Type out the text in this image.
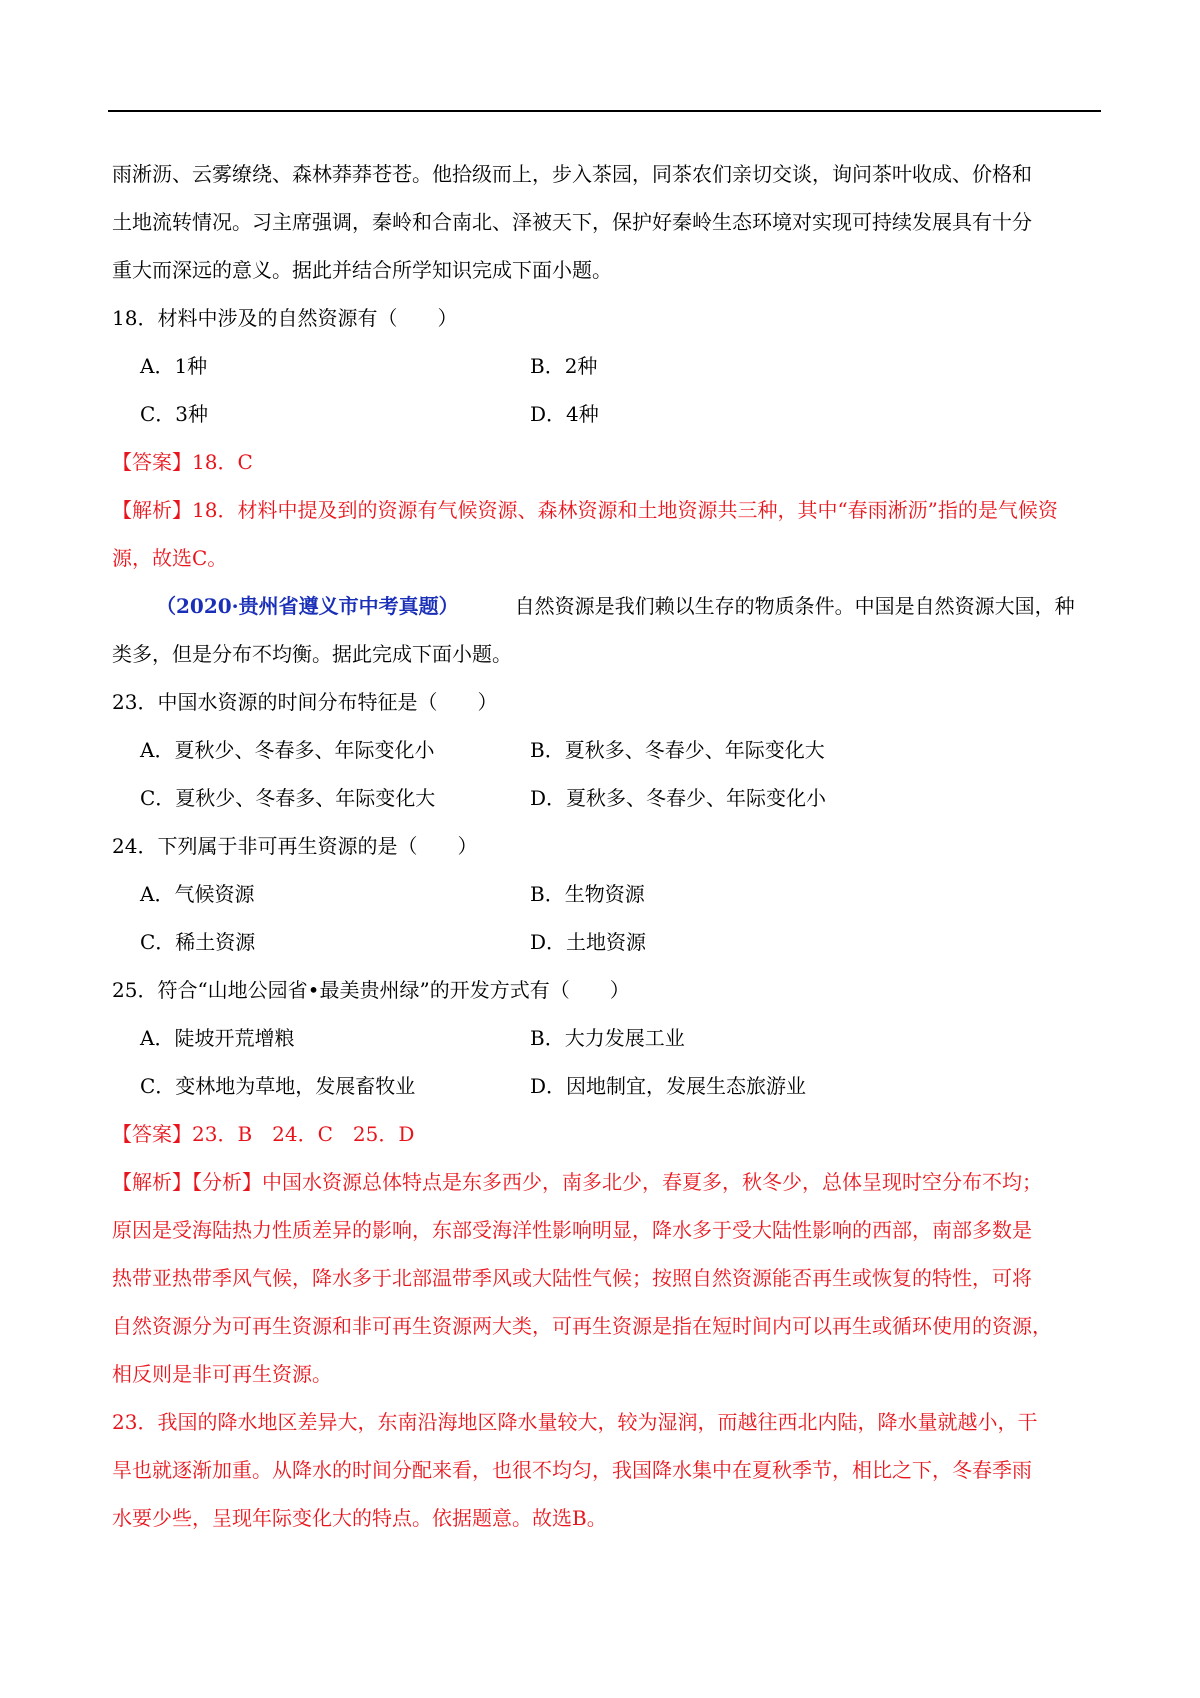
雨淅沥、云雾缭绕、森林莽莽苍苍。他拾级而上，步入茶园，同茶农们亲切交谈，询问茶叶收成、价格和

土地流转情况。习主席强调，秦岭和合南北、泽被天下，保护好秦岭生态环境对实现可持续发展具有十分

重大而深远的意义。据此并结合所学知识完成下面小题。

18．材料中涉及的自然资源有（　　）

A．1种	B．2种
C．3种	D．4种

【答案】18．C

【解析】18．材料中提及到的资源有气候资源、森林资源和土地资源共三种，其中“春雨淅沥”指的是气候资

源，故选C。

（2020·贵州省遵义市中考真题）	自然资源是我们赖以生存的物质条件。中国是自然资源大国，种

类多，但是分布不均衡。据此完成下面小题。

23．中国水资源的时间分布特征是（　　）

A．夏秋少、冬春多、年际变化小	B．夏秋多、冬春少、年际变化大
C．夏秋少、冬春多、年际变化大	D．夏秋多、冬春少、年际变化小

24．下列属于非可再生资源的是（　　）

A．气候资源	B．生物资源
C．稀土资源	D．土地资源

25．符合“山地公园省•最美贵州绿”的开发方式有（　　）

A．陡坡开荒增粮	B．大力发展工业
C．变林地为草地，发展畜牧业	D．因地制宜，发展生态旅游业

【答案】23．B　24．C　25．D

【解析】【分析】中国水资源总体特点是东多西少，南多北少，春夏多，秋冬少，总体呈现时空分布不均；

原因是受海陆热力性质差异的影响，东部受海洋性影响明显，降水多于受大陆性影响的西部，南部多数是

热带亚热带季风气候，降水多于北部温带季风或大陆性气候；按照自然资源能否再生或恢复的特性，可将

自然资源分为可再生资源和非可再生资源两大类，可再生资源是指在短时间内可以再生或循环使用的资源，

相反则是非可再生资源。

23．我国的降水地区差异大，东南沿海地区降水量较大，较为湿润，而越往西北内陆，降水量就越小，干

旱也就逐渐加重。从降水的时间分配来看，也很不均匀，我国降水集中在夏秋季节，相比之下，冬春季雨

水要少些，呈现年际变化大的特点。依据题意。故选B。
